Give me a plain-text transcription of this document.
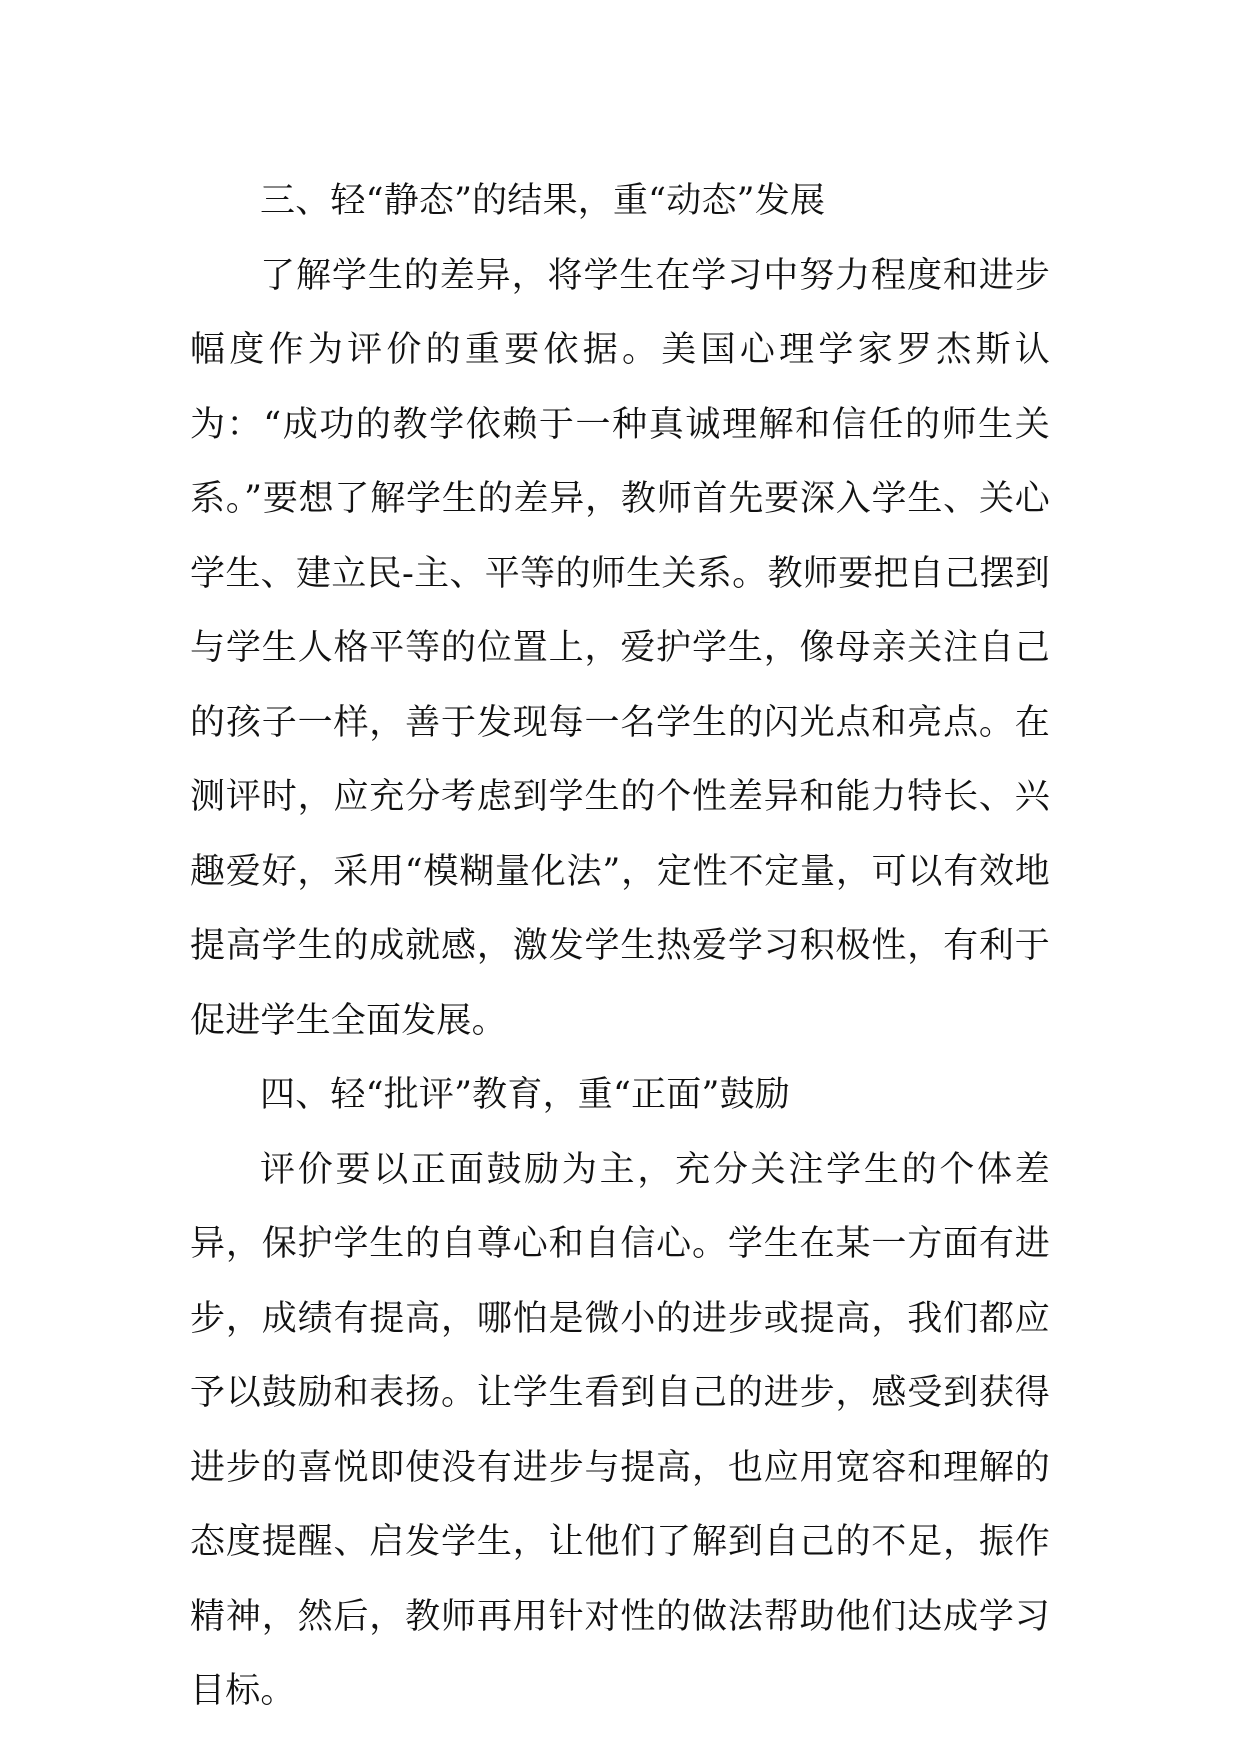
三、轻“静态”的结果，重“动态”发展

了解学生的差异，将学生在学习中努力程度和进步幅度作为评价的重要依据。美国心理学家罗杰斯认为：“成功的教学依赖于一种真诚理解和信任的师生关系。”要想了解学生的差异，教师首先要深入学生、关心学生、建立民-主、平等的师生关系。教师要把自己摆到与学生人格平等的位置上，爱护学生，像母亲关注自己的孩子一样，善于发现每一名学生的闪光点和亮点。在测评时，应充分考虑到学生的个性差异和能力特长、兴趣爱好，采用“模糊量化法”，定性不定量，可以有效地提高学生的成就感，激发学生热爱学习积极性，有利于促进学生全面发展。

四、轻“批评”教育，重“正面”鼓励

评价要以正面鼓励为主，充分关注学生的个体差异，保护学生的自尊心和自信心。学生在某一方面有进步，成绩有提高，哪怕是微小的进步或提高，我们都应予以鼓励和表扬。让学生看到自己的进步，感受到获得进步的喜悦即使没有进步与提高，也应用宽容和理解的态度提醒、启发学生，让他们了解到自己的不足，振作精神，然后，教师再用针对性的做法帮助他们达成学习目标。
